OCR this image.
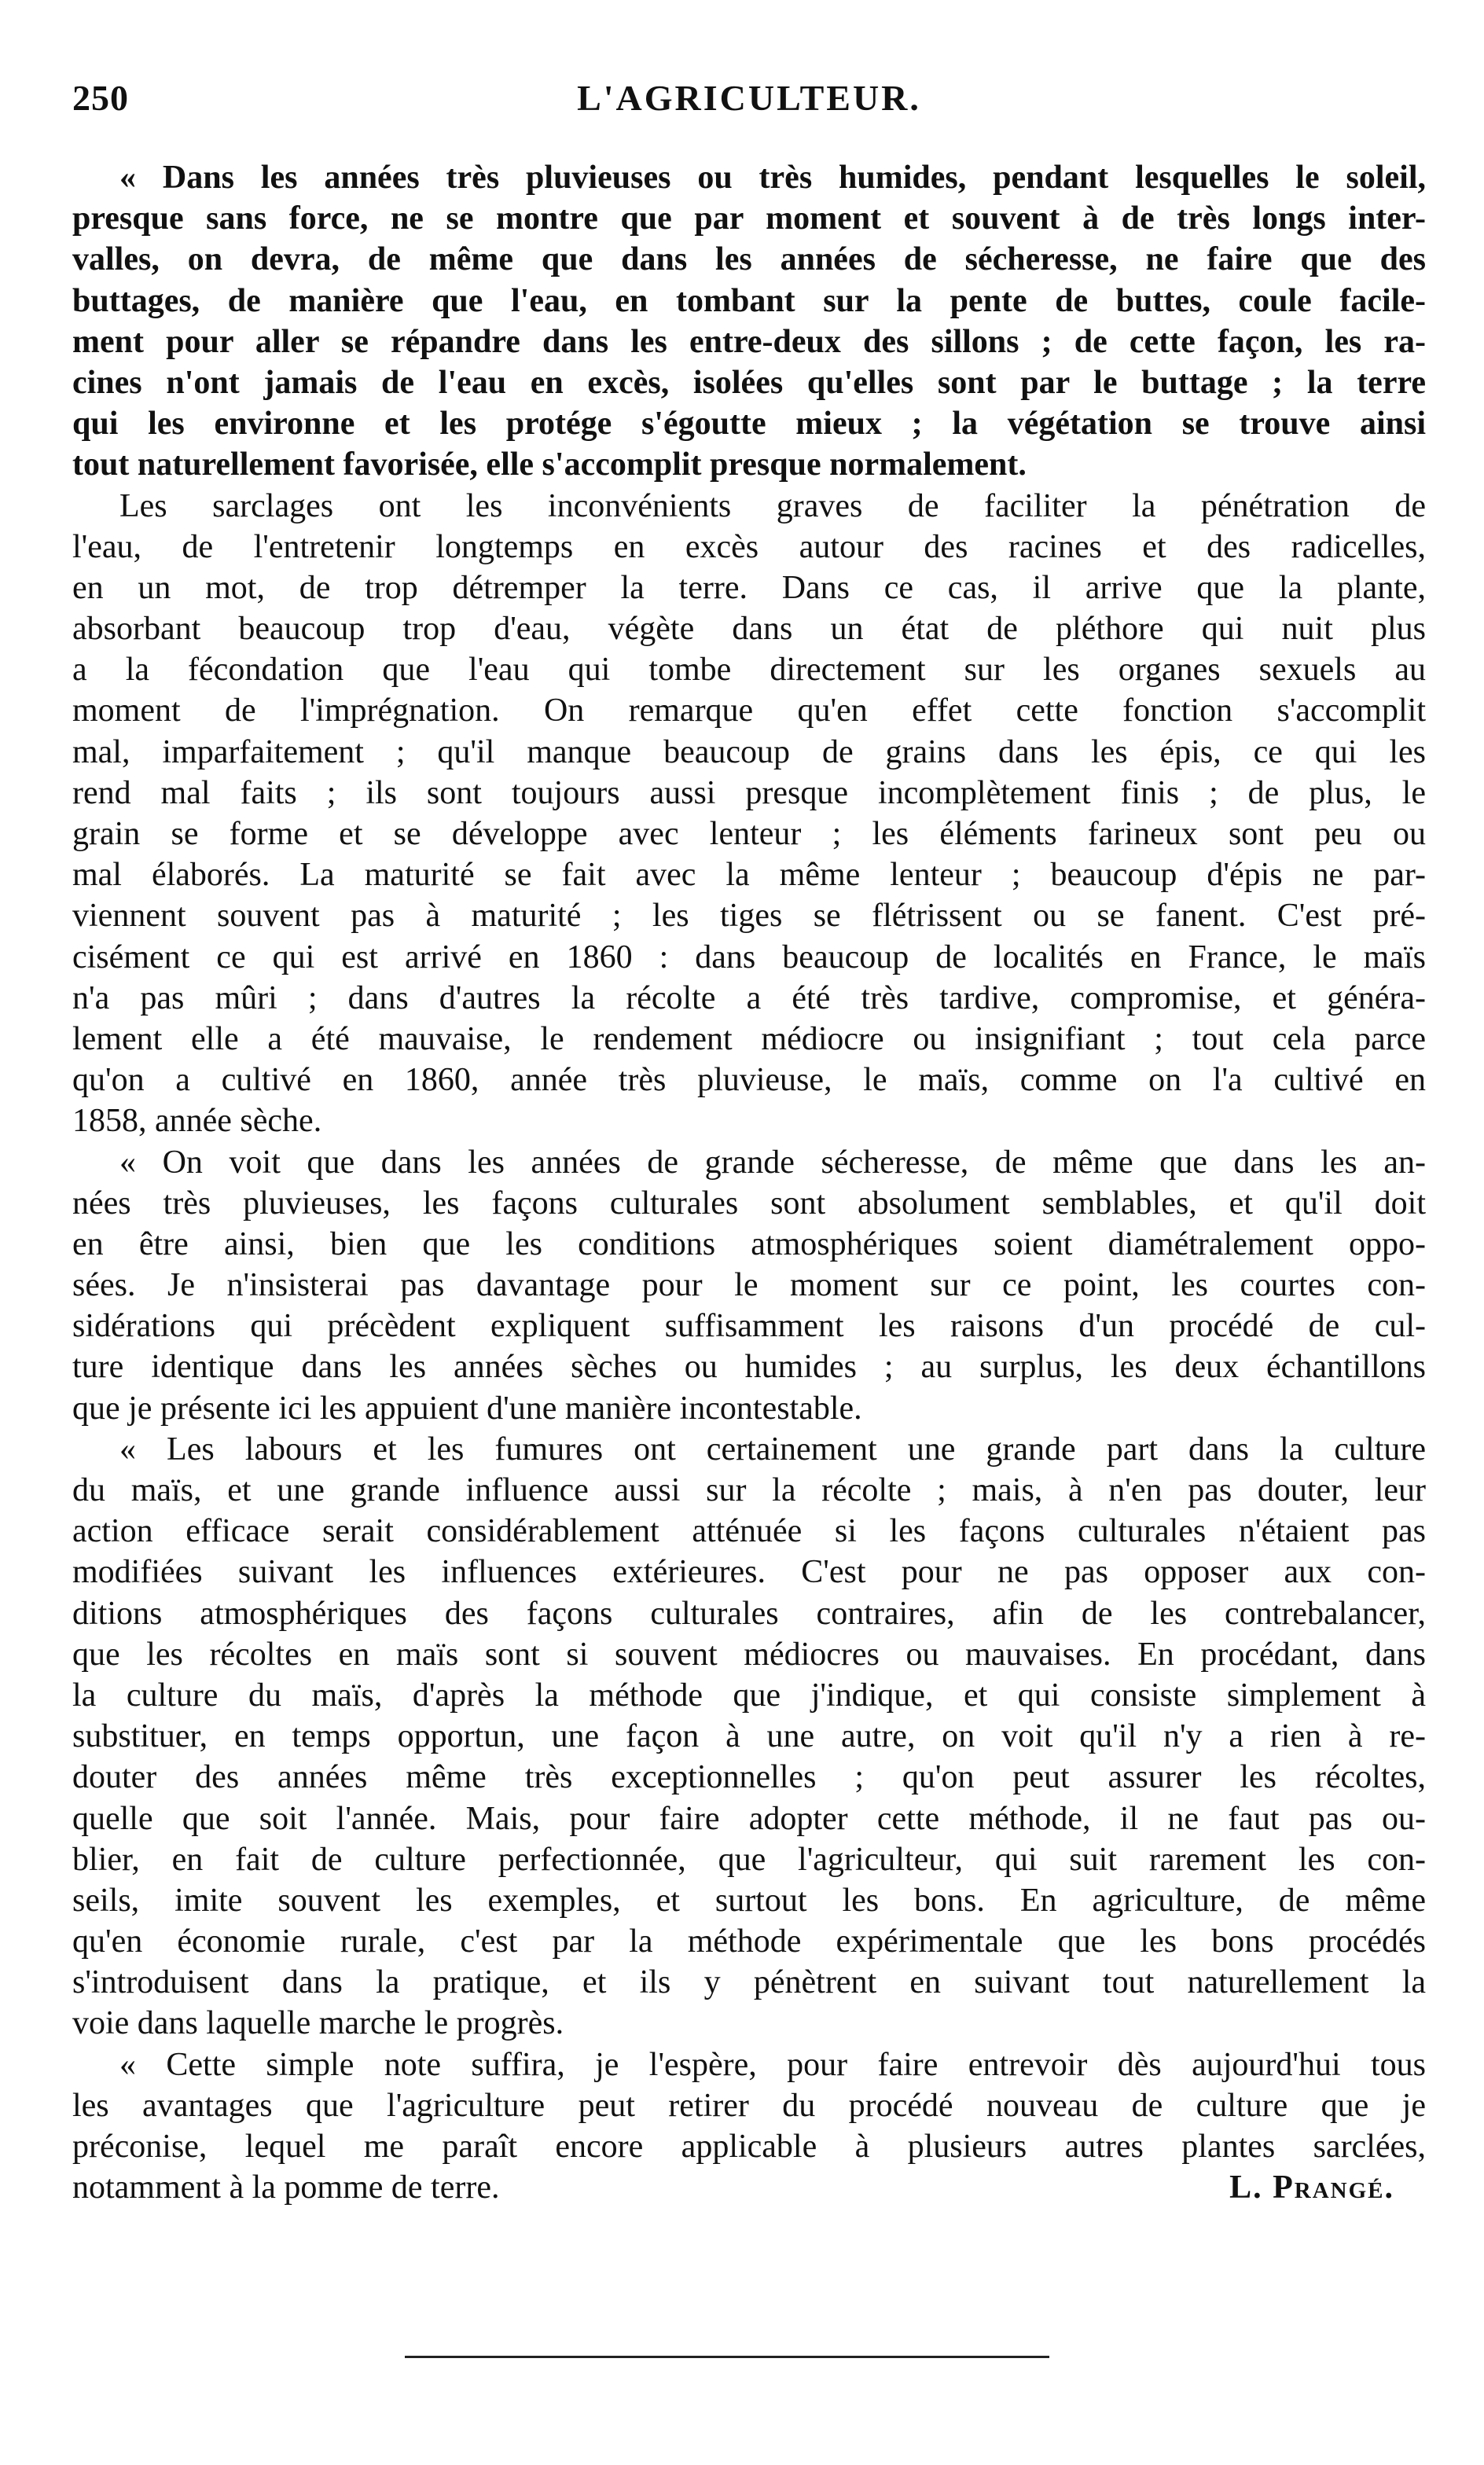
250	L'AGRICULTEUR.
« Dans les années très pluvieuses ou très humides, pendant lesquelles le soleil,
presque sans force, ne se montre que par moment et souvent à de très longs inter-
valles, on devra, de même que dans les années de sécheresse, ne faire que des
buttages, de manière que l'eau, en tombant sur la pente de buttes, coule facile-
ment pour aller se répandre dans les entre-deux des sillons ; de cette façon, les ra-
cines n'ont jamais de l'eau en excès, isolées qu'elles sont par le buttage ; la terre
qui les environne et les protége s'égoutte mieux ; la végétation se trouve ainsi
tout naturellement favorisée, elle s'accomplit presque normalement.
Les sarclages ont les inconvénients graves de faciliter la pénétration de
l'eau, de l'entretenir longtemps en excès autour des racines et des radicelles,
en un mot, de trop détremper la terre. Dans ce cas, il arrive que la plante,
absorbant beaucoup trop d'eau, végète dans un état de pléthore qui nuit plus
a la fécondation que l'eau qui tombe directement sur les organes sexuels au
moment de l'imprégnation. On remarque qu'en effet cette fonction s'accomplit
mal, imparfaitement ; qu'il manque beaucoup de grains dans les épis, ce qui les
rend mal faits ; ils sont toujours aussi presque incomplètement finis ; de plus, le
grain se forme et se développe avec lenteur ; les éléments farineux sont peu ou
mal élaborés. La maturité se fait avec la même lenteur ; beaucoup d'épis ne par-
viennent souvent pas à maturité ; les tiges se flétrissent ou se fanent. C'est pré-
cisément ce qui est arrivé en 1860 : dans beaucoup de localités en France, le maïs
n'a pas mûri ; dans d'autres la récolte a été très tardive, compromise, et généra-
lement elle a été mauvaise, le rendement médiocre ou insignifiant ; tout cela parce
qu'on a cultivé en 1860, année très pluvieuse, le maïs, comme on l'a cultivé en
1858, année sèche.
« On voit que dans les années de grande sécheresse, de même que dans les an-
nées très pluvieuses, les façons culturales sont absolument semblables, et qu'il doit
en être ainsi, bien que les conditions atmosphériques soient diamétralement oppo-
sées. Je n'insisterai pas davantage pour le moment sur ce point, les courtes con-
sidérations qui précèdent expliquent suffisamment les raisons d'un procédé de cul-
ture identique dans les années sèches ou humides ; au surplus, les deux échantillons
que je présente ici les appuient d'une manière incontestable.
« Les labours et les fumures ont certainement une grande part dans la culture
du maïs, et une grande influence aussi sur la récolte ; mais, à n'en pas douter, leur
action efficace serait considérablement atténuée si les façons culturales n'étaient pas
modifiées suivant les influences extérieures. C'est pour ne pas opposer aux con-
ditions atmosphériques des façons culturales contraires, afin de les contrebalancer,
que les récoltes en maïs sont si souvent médiocres ou mauvaises. En procédant, dans
la culture du maïs, d'après la méthode que j'indique, et qui consiste simplement à
substituer, en temps opportun, une façon à une autre, on voit qu'il n'y a rien à re-
douter des années même très exceptionnelles ; qu'on peut assurer les récoltes,
quelle que soit l'année. Mais, pour faire adopter cette méthode, il ne faut pas ou-
blier, en fait de culture perfectionnée, que l'agriculteur, qui suit rarement les con-
seils, imite souvent les exemples, et surtout les bons. En agriculture, de même
qu'en économie rurale, c'est par la méthode expérimentale que les bons procédés
s'introduisent dans la pratique, et ils y pénètrent en suivant tout naturellement la
voie dans laquelle marche le progrès.
« Cette simple note suffira, je l'espère, pour faire entrevoir dès aujourd'hui tous
les avantages que l'agriculture peut retirer du procédé nouveau de culture que je
préconise, lequel me paraît encore applicable à plusieurs autres plantes sarclées,
notamment à la pomme de terre.	L. Prangé.
